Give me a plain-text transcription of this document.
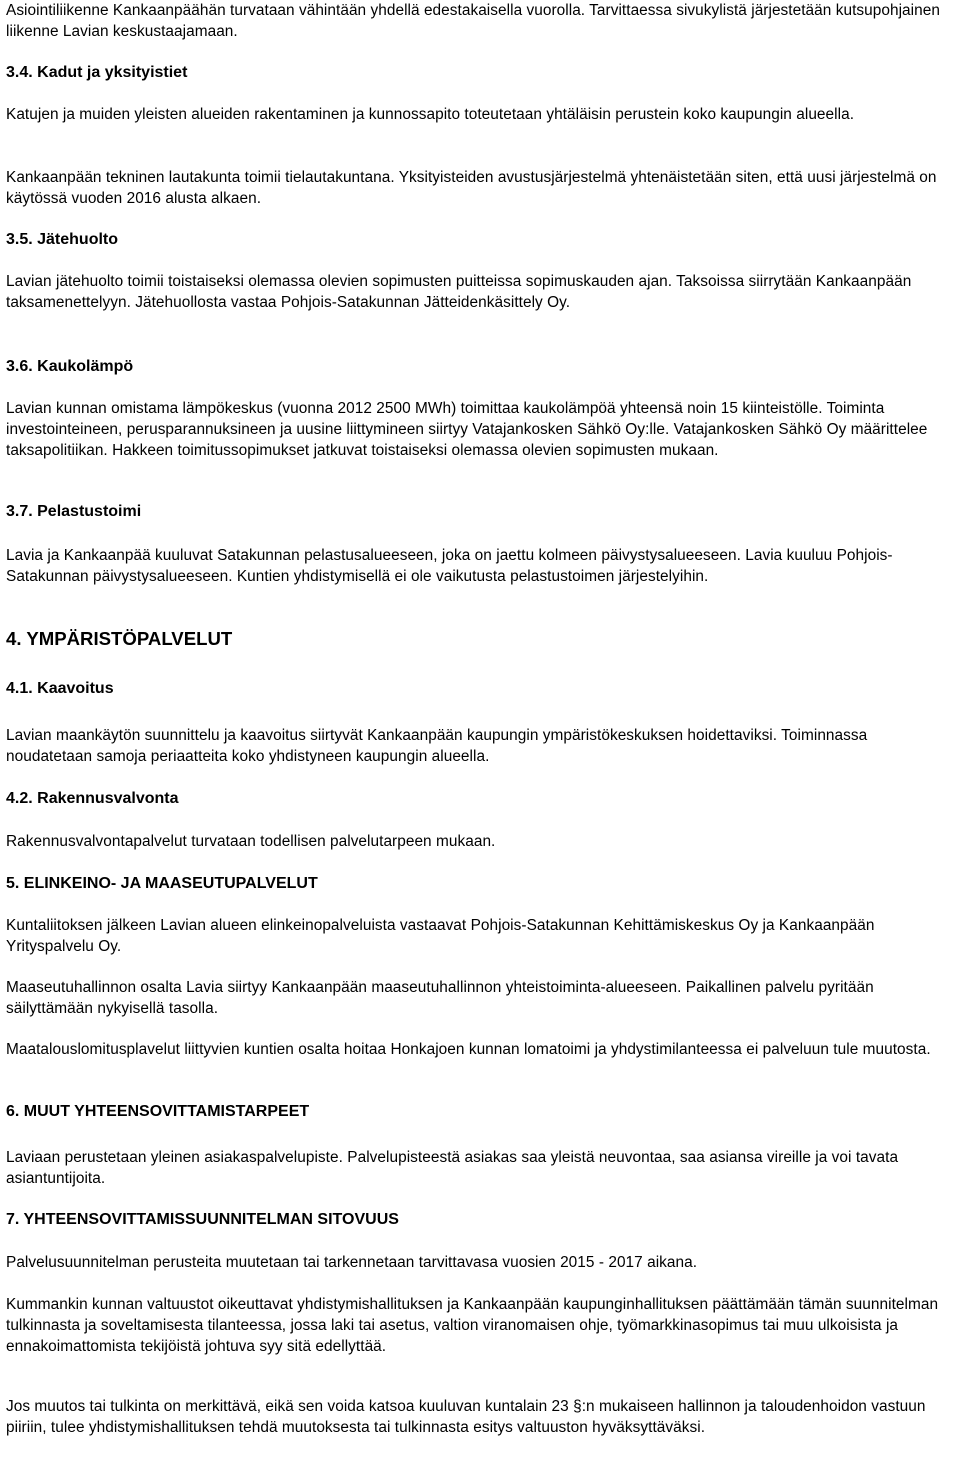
Asiointiliikenne Kankaanpäähän turvataan vähintään yhdellä edestakaisella vuorolla. Tarvittaessa sivukylistä järjestetään kutsupohjainen liikenne Lavian keskustaajamaan.

3.4. Kadut ja yksityistiet

Katujen ja muiden yleisten alueiden rakentaminen ja kunnossapito toteutetaan yhtäläisin perustein koko kaupungin alueella.

Kankaanpään tekninen lautakunta toimii tielautakuntana. Yksityisteiden avustusjärjestelmä yhtenäistetään siten, että uusi järjestelmä on käytössä vuoden 2016 alusta alkaen.

3.5. Jätehuolto

Lavian jätehuolto toimii toistaiseksi olemassa olevien sopimusten puitteissa sopimuskauden ajan. Taksoissa siirrytään Kankaanpään taksamenettelyyn. Jätehuollosta vastaa Pohjois-Satakunnan Jätteidenkäsittely Oy.

3.6. Kaukolämpö

Lavian kunnan omistama lämpökeskus (vuonna 2012 2500 MWh) toimittaa kaukolämpöä yhteensä noin 15 kiinteistölle. Toiminta investointeineen, perusparannuksineen ja uusine liittymineen siirtyy Vatajankosken Sähkö Oy:lle. Vatajankosken Sähkö Oy määrittelee taksapolitiikan. Hakkeen toimitussopimukset jatkuvat toistaiseksi olemassa olevien sopimusten mukaan.

3.7. Pelastustoimi

Lavia ja Kankaanpää kuuluvat Satakunnan pelastusalueeseen, joka on jaettu kolmeen päivystysalueeseen. Lavia kuuluu Pohjois-Satakunnan päivystysalueeseen. Kuntien yhdistymisellä ei ole vaikutusta pelastustoimen järjestelyihin.

4. YMPÄRISTÖPALVELUT
4.1. Kaavoitus

Lavian maankäytön suunnittelu ja kaavoitus siirtyvät Kankaanpään kaupungin ympäristökeskuksen hoidettaviksi. Toiminnassa noudatetaan samoja periaatteita koko yhdistyneen kaupungin alueella.

4.2. Rakennusvalvonta

Rakennusvalvontapalvelut turvataan todellisen palvelutarpeen mukaan.

5. ELINKEINO- JA MAASEUTUPALVELUT

Kuntaliitoksen jälkeen Lavian alueen elinkeinopalveluista vastaavat Pohjois-Satakunnan Kehittämiskeskus Oy ja Kankaanpään Yrityspalvelu Oy.

Maaseutuhallinnon osalta Lavia siirtyy Kankaanpään maaseutuhallinnon yhteistoiminta-alueeseen. Paikallinen palvelu pyritään säilyttämään nykyisellä tasolla.

Maatalouslomitusplavelut liittyvien kuntien osalta hoitaa Honkajoen kunnan lomatoimi ja yhdystimilanteessa ei palveluun tule muutosta.

6. MUUT YHTEENSOVITTAMISTARPEET

Laviaan perustetaan yleinen asiakaspalvelupiste. Palvelupisteestä asiakas saa yleistä neuvontaa, saa asiansa vireille ja voi tavata asiantuntijoita.

7. YHTEENSOVITTAMISSUUNNITELMAN SITOVUUS

Palvelusuunnitelman perusteita muutetaan tai tarkennetaan tarvittavasa vuosien 2015 - 2017 aikana.

Kummankin kunnan valtuustot oikeuttavat yhdistymishallituksen ja Kankaanpään kaupunginhallituksen päättämään tämän suunnitelman tulkinnasta ja soveltamisesta tilanteessa, jossa laki tai asetus, valtion viranomaisen ohje, työmarkkinasopimus tai muu ulkoisista ja ennakoimattomista tekijöistä johtuva syy sitä edellyttää.

Jos muutos tai tulkinta on merkittävä, eikä sen voida katsoa kuuluvan kuntalain 23 §:n mukaiseen hallinnon ja taloudenhoidon vastuun piiriin, tulee yhdistymishallituksen tehdä muutoksesta tai tulkinnasta esitys valtuuston hyväksyttäväksi.
